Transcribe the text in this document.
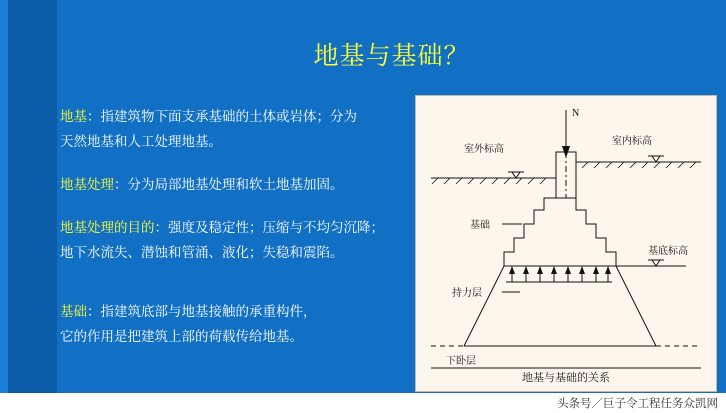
地基与基础？
地基：指建筑物下面支承基础的土体或岩体；分为
天然地基和人工处理地基。
地基处理：分为局部地基处理和软土地基加固。
地基处理的目的：强度及稳定性；压缩与不均匀沉降；
地下水流失、潜蚀和管涌、液化；失稳和震陷。
基础：指建筑底部与地基接触的承重构件，
它的作用是把建筑上部的荷载传给地基。
N
室外标高
室内标高
基础
基底标高
持力层
下卧层
地基与基础的关系
头条号／巨子令工程任务众凯网
